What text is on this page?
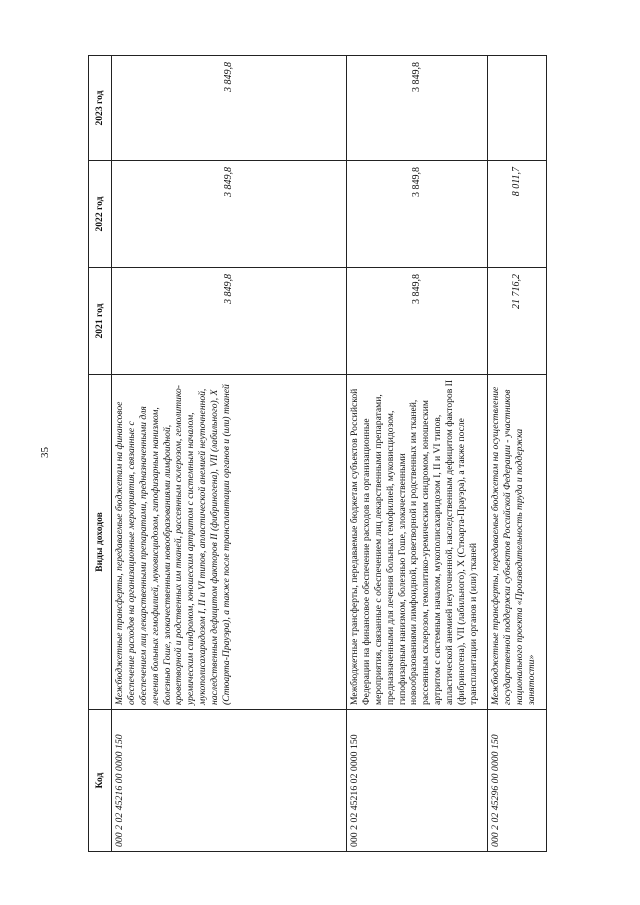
35
Код	Виды доходов	2021 год	2022 год	2023 год
000 2 02 45216 00 0000 150	Межбюджетные трансферты, передаваемые бюджетам на финансовое обеспечение расходов на организационные мероприятия, связанные с обеспечением лиц лекарственными препаратами, предназначенными для лечения больных гемофилией, муковисцидозом, гипофизарным нанизмом, болезнью Гоше, злокачественными новообразованиями лимфоидной, кроветворной и родственных им тканей, рассеянным склерозом, гемолитико-уремическим синдромом, юношеским артритом с системным началом, мукополисахаридозом I, II и VI типов, апластической анемией неуточненной, наследственным дефицитом факторов II (фибриногена), VII (лабильного), X (Стюарта-Прауэра), а также после трансплантации органов и (или) тканей	3 849,8	3 849,8	3 849,8
000 2 02 45216 02 0000 150	Межбюджетные трансферты, передаваемые бюджетам субъектов Российской Федерации на финансовое обеспечение расходов на организационные мероприятия, связанные с обеспечением лиц лекарственными препаратами, предназначенными для лечения больных гемофилией, муковисцидозом, гипофизарным нанизмом, болезнью Гоше, злокачественными новообразованиями лимфоидной, кроветворной и родственных им тканей, рассеянным склерозом, гемолитико-уремическим синдромом, юношеским артритом с системным началом, мукополисахаридозом I, II и VI типов, апластической анемией неуточненной, наследственным дефицитом факторов II (фибриногена), VII (лабильного), X (Стюарта-Прауэра), а также после трансплантации органов и (или) тканей	3 849,8	3 849,8	3 849,8
000 2 02 45296 00 0000 150	Межбюджетные трансферты, передаваемые бюджетам на осуществление государственной поддержки субъектов Российской Федерации - участников национального проекта «Производительность труда и поддержка занятости»	21 716,2	8 011,7	
